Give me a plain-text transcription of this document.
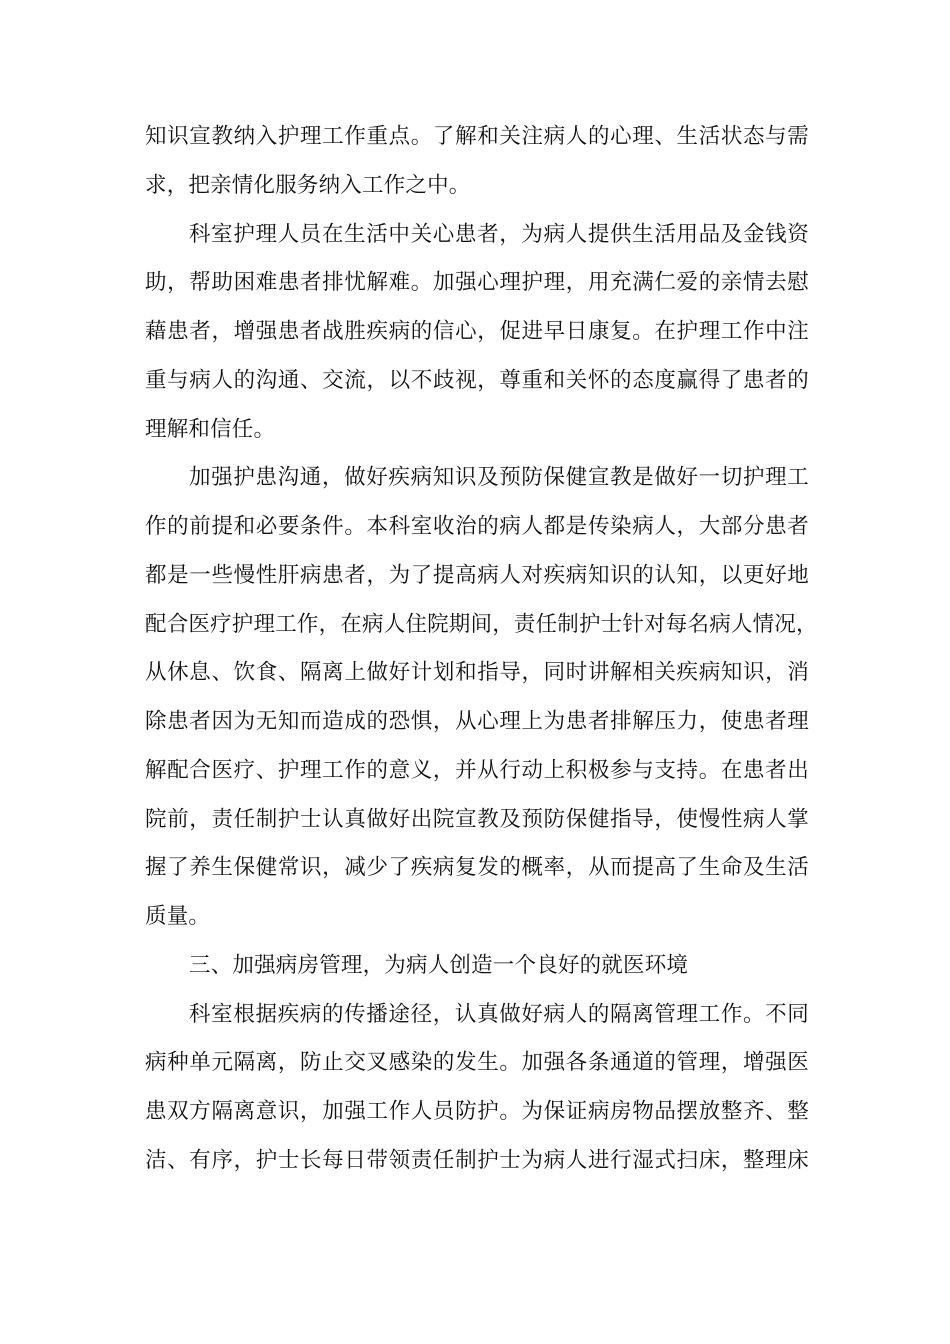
知识宣教纳入护理工作重点。了解和关注病人的心理、生活状态与需
求，把亲情化服务纳入工作之中。
科室护理人员在生活中关心患者，为病人提供生活用品及金钱资
助，帮助困难患者排忧解难。加强心理护理，用充满仁爱的亲情去慰
藉患者，增强患者战胜疾病的信心，促进早日康复。在护理工作中注
重与病人的沟通、交流，以不歧视，尊重和关怀的态度赢得了患者的
理解和信任。
加强护患沟通，做好疾病知识及预防保健宣教是做好一切护理工
作的前提和必要条件。本科室收治的病人都是传染病人，大部分患者
都是一些慢性肝病患者，为了提高病人对疾病知识的认知，以更好地
配合医疗护理工作，在病人住院期间，责任制护士针对每名病人情况，
从休息、饮食、隔离上做好计划和指导，同时讲解相关疾病知识，消
除患者因为无知而造成的恐惧，从心理上为患者排解压力，使患者理
解配合医疗、护理工作的意义，并从行动上积极参与支持。在患者出
院前，责任制护士认真做好出院宣教及预防保健指导，使慢性病人掌
握了养生保健常识，减少了疾病复发的概率，从而提高了生命及生活
质量。
三、加强病房管理，为病人创造一个良好的就医环境
科室根据疾病的传播途径，认真做好病人的隔离管理工作。不同
病种单元隔离，防止交叉感染的发生。加强各条通道的管理，增强医
患双方隔离意识，加强工作人员防护。为保证病房物品摆放整齐、整
洁、有序，护士长每日带领责任制护士为病人进行湿式扫床，整理床
